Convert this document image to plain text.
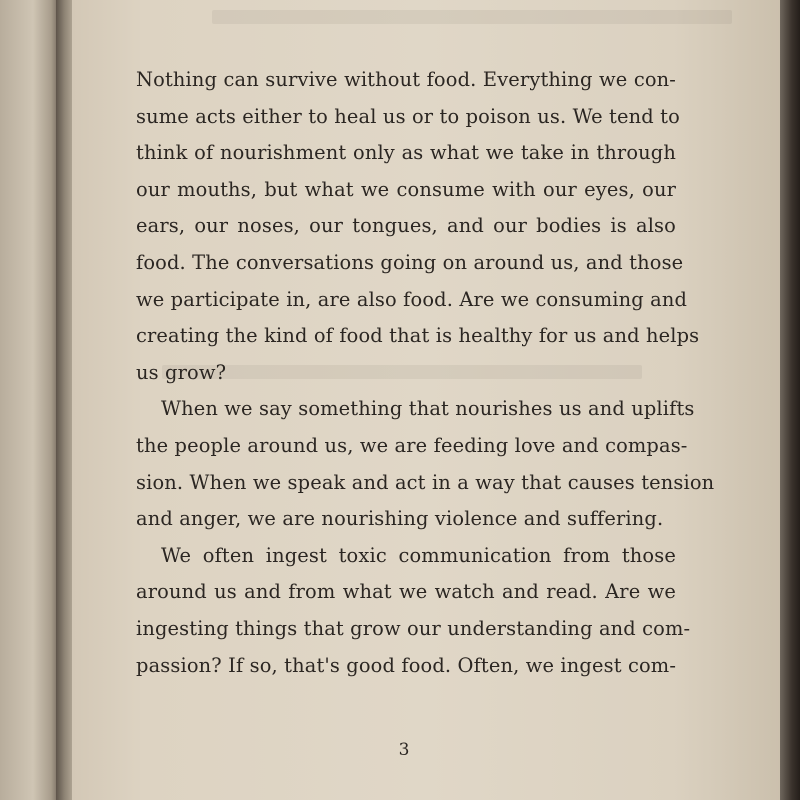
Nothing can survive without food. Everything we con-
sume acts either to heal us or to poison us. We tend to
think of nourishment only as what we take in through
our mouths, but what we consume with our eyes, our
ears, our noses, our tongues, and our bodies is also
food. The conversations going on around us, and those
we participate in, are also food. Are we consuming and
creating the kind of food that is healthy for us and helps
us grow?
When we say something that nourishes us and uplifts
the people around us, we are feeding love and compas-
sion. When we speak and act in a way that causes tension
and anger, we are nourishing violence and suffering.
We often ingest toxic communication from those
around us and from what we watch and read. Are we
ingesting things that grow our understanding and com-
passion? If so, that's good food. Often, we ingest com-
3
